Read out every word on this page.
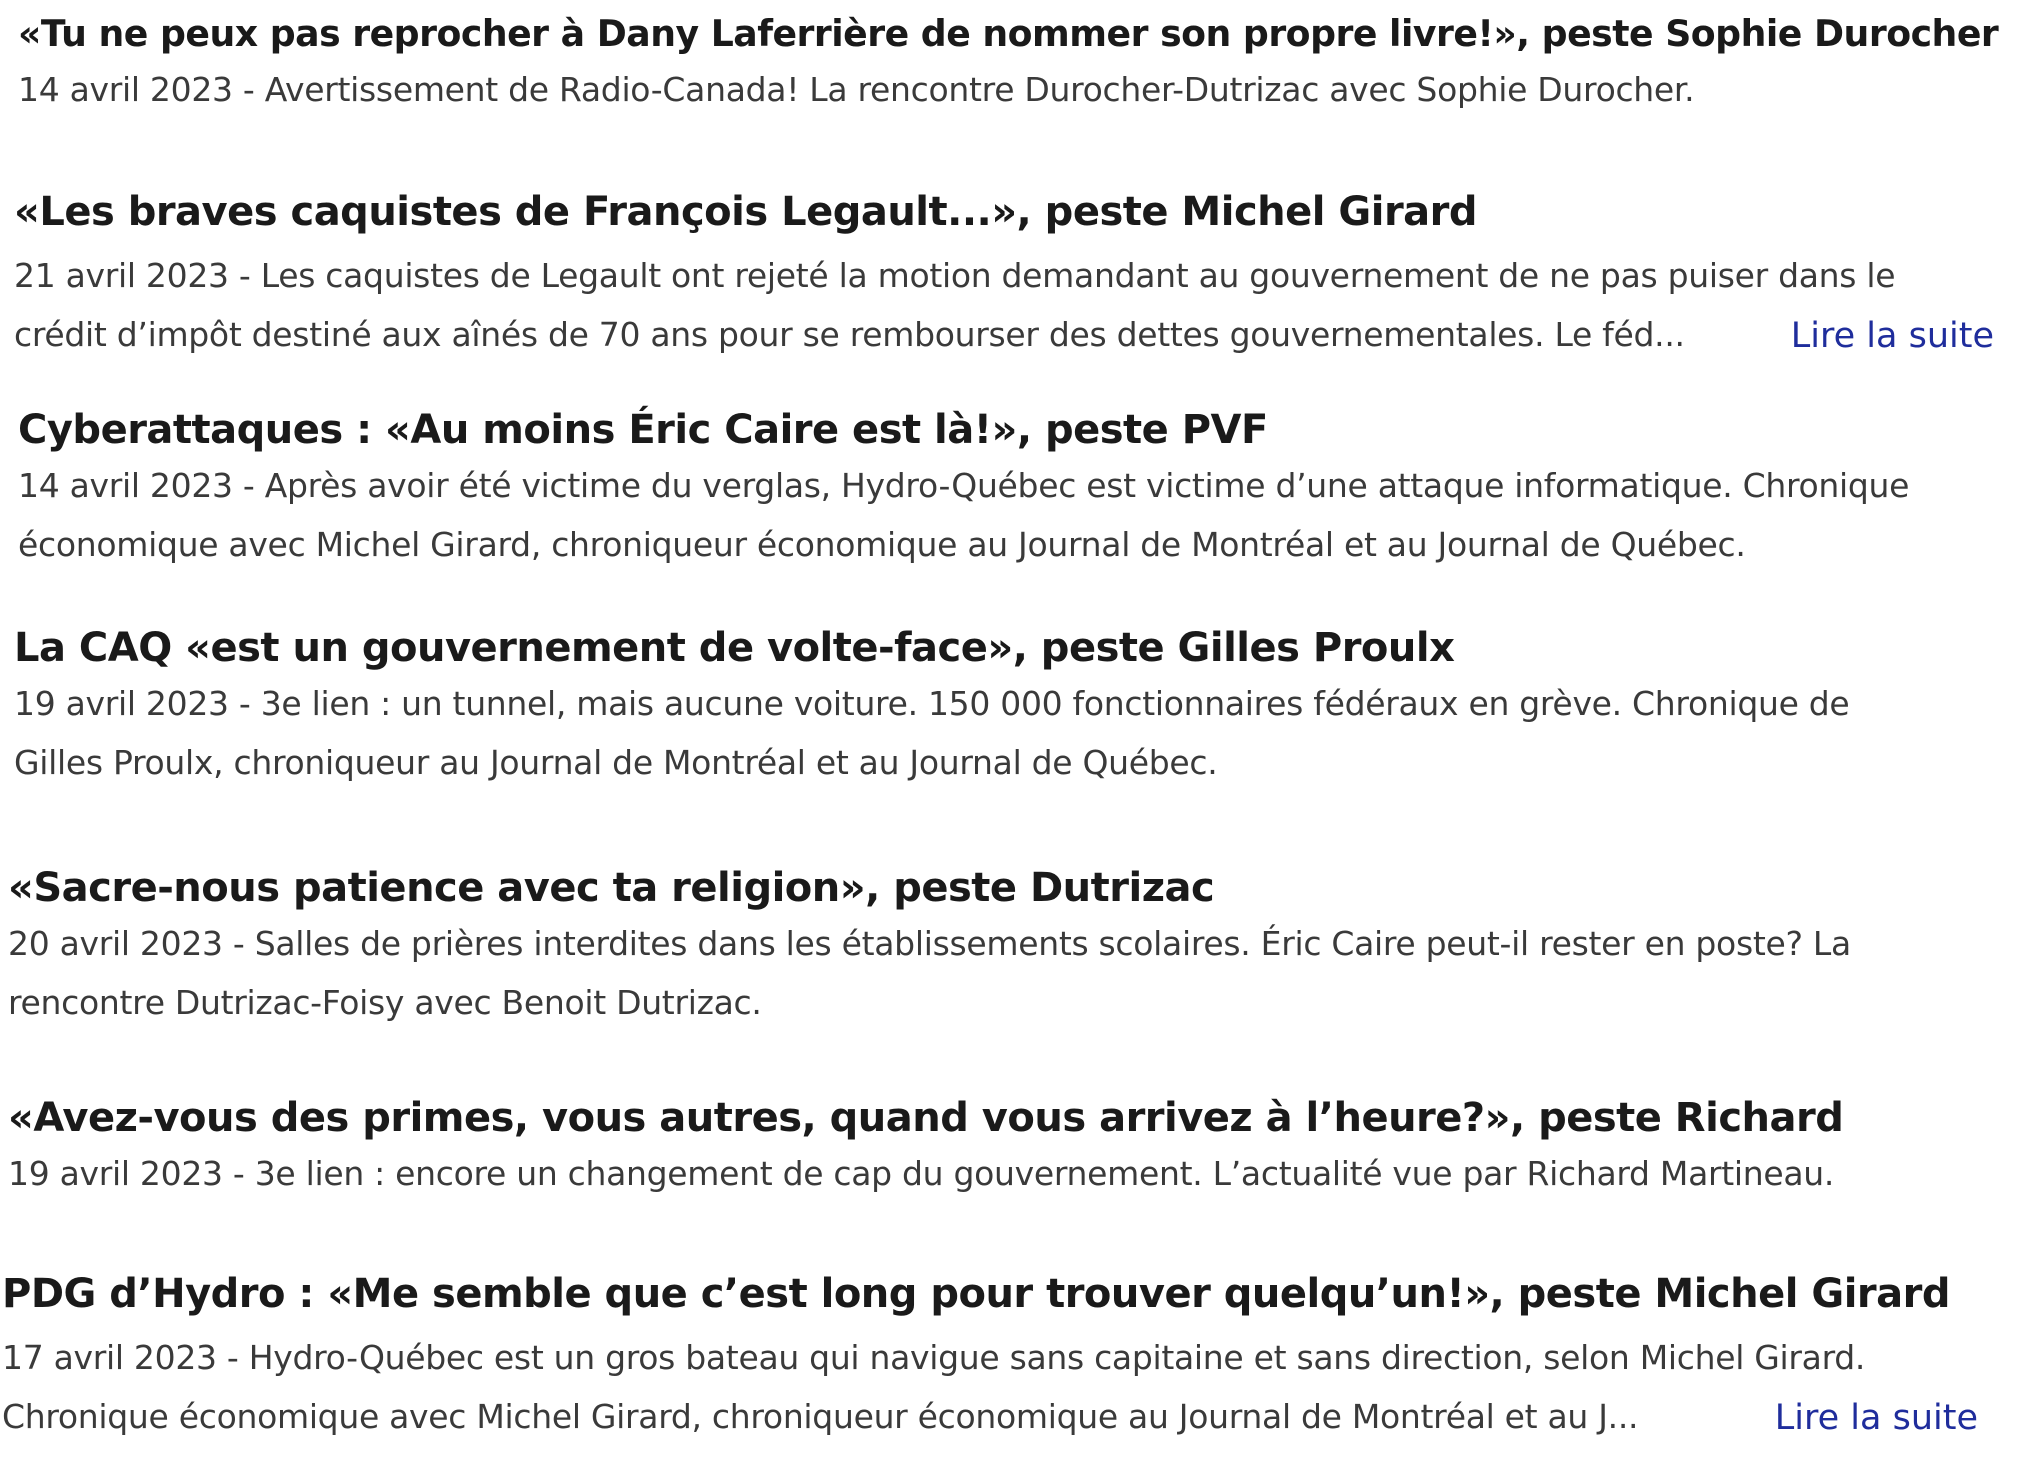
«Tu ne peux pas reprocher à Dany Laferrière de nommer son propre livre!», peste Sophie Durocher
14 avril 2023 - Avertissement de Radio-Canada! La rencontre Durocher-Dutrizac avec Sophie Durocher.
«Les braves caquistes de François Legault...», peste Michel Girard
21 avril 2023 - Les caquistes de Legault ont rejeté la motion demandant au gouvernement de ne pas puiser dans le
crédit d’impôt destiné aux aînés de 70 ans pour se rembourser des dettes gouvernementales. Le féd...	Lire la suite
Cyberattaques : «Au moins Éric Caire est là!», peste PVF
14 avril 2023 - Après avoir été victime du verglas, Hydro-Québec est victime d’une attaque informatique. Chronique
économique avec Michel Girard, chroniqueur économique au Journal de Montréal et au Journal de Québec.
La CAQ «est un gouvernement de volte-face», peste Gilles Proulx
19 avril 2023 - 3e lien : un tunnel, mais aucune voiture. 150 000 fonctionnaires fédéraux en grève. Chronique de
Gilles Proulx, chroniqueur au Journal de Montréal et au Journal de Québec.
«Sacre-nous patience avec ta religion», peste Dutrizac
20 avril 2023 - Salles de prières interdites dans les établissements scolaires. Éric Caire peut-il rester en poste? La
rencontre Dutrizac-Foisy avec Benoit Dutrizac.
«Avez-vous des primes, vous autres, quand vous arrivez à l’heure?», peste Richard
19 avril 2023 - 3e lien : encore un changement de cap du gouvernement. L’actualité vue par Richard Martineau.
PDG d’Hydro : «Me semble que c’est long pour trouver quelqu’un!», peste Michel Girard
17 avril 2023 - Hydro-Québec est un gros bateau qui navigue sans capitaine et sans direction, selon Michel Girard.
Chronique économique avec Michel Girard, chroniqueur économique au Journal de Montréal et au J...	Lire la suite
